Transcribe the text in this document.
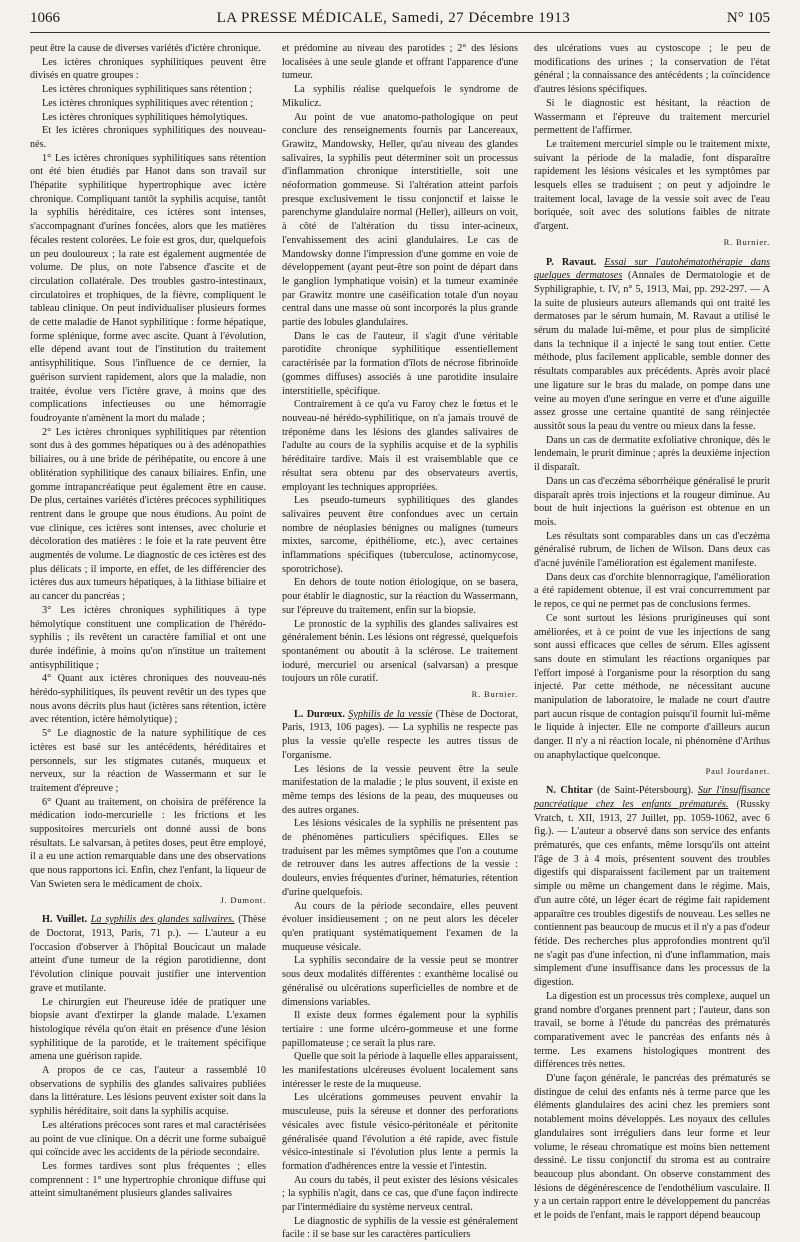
1066	LA PRESSE MÉDICALE, Samedi, 27 Décembre 1913	N° 105

peut être la cause de diverses variétés d'ictère chronique.

Les ictères chroniques syphilitiques peuvent être divisés en quatre groupes :

Les ictères chroniques syphilitiques sans rétention ;

Les ictères chroniques syphilitiques avec rétention ;

Les ictères chroniques syphilitiques hémolytiques.

Et les ictères chroniques syphilitiques des nouveau-nés.

1° Les ictères chroniques syphilitiques sans rétention ont été bien étudiés par Hanot dans son travail sur l'hépatite syphilitique hypertrophique avec ictère chronique. Compliquant tantôt la syphilis acquise, tantôt la syphilis héréditaire, ces ictères sont intenses, s'accompagnant d'urines foncées, alors que les matières fécales restent colorées. Le foie est gros, dur, quelquefois un peu douloureux ; la rate est également augmentée de volume. De plus, on note l'absence d'ascite et de circulation collatérale. Des troubles gastro-intestinaux, circulatoires et trophiques, de la fièvre, compliquent le tableau clinique. On peut individualiser plusieurs formes de cette maladie de Hanot syphilitique : forme hépatique, forme splénique, forme avec ascite. Quant à l'évolution, elle dépend avant tout de l'institution du traitement antisyphilitique. Sous l'influence de ce dernier, la guérison survient rapidement, alors que la maladie, non traitée, évolue vers l'ictère grave, à moins que des complications infectieuses ou une hémorragie foudroyante n'amènent la mort du malade ;

2° Les ictères chroniques syphilitiques par rétention sont dus à des gommes hépatiques ou à des adénopathies biliaires, ou à une bride de périhépatite, ou encore à une oblitération syphilitique des canaux biliaires. Enfin, une gomme intrapancréatique peut également être en cause. De plus, certaines variétés d'ictères précoces syphilitiques rentrent dans le groupe que nous étudions. Au point de vue clinique, ces ictères sont intenses, avec cholurie et décoloration des matières : le foie et la rate peuvent être augmentés de volume. Le diagnostic de ces ictères est des plus délicats ; il importe, en effet, de les différencier des ictères dus aux tumeurs hépatiques, à la lithiase biliaire et au cancer du pancréas ;

3° Les ictères chroniques syphilitiques à type hémolytique constituent une complication de l'hérédo-syphilis ; ils revêtent un caractère familial et ont une durée indéfinie, à moins qu'on n'institue un traitement antisyphilitique ;

4° Quant aux ictères chroniques des nouveau-nés hérédo-syphilitiques, ils peuvent revêtir un des types que nous avons décrits plus haut (ictères sans rétention, ictère avec rétention, ictère hémolytique) ;

5° Le diagnostic de la nature syphilitique de ces ictères est basé sur les antécédents, héréditaires et personnels, sur les stigmates cutanés, muqueux et nerveux, sur la réaction de Wassermann et sur le traitement d'épreuve ;

6° Quant au traitement, on choisira de préférence la médication iodo-mercurielle : les frictions et les suppositoires mercuriels ont donné aussi de bons résultats. Le salvarsan, à petites doses, peut être employé, il a eu une action remarquable dans une des observations que nous rapportons ici. Enfin, chez l'enfant, la liqueur de Van Swieten sera le médicament de choix.

J. Dumont.

H. Vuillet. La syphilis des glandes salivaires. (Thèse de Doctorat, 1913, Paris, 71 p.). — L'auteur a eu l'occasion d'observer à l'hôpital Boucicaut un malade atteint d'une tumeur de la région parotidienne, dont l'évolution clinique pouvait justifier une intervention grave et mutilante.

Le chirurgien eut l'heureuse idée de pratiquer une biopsie avant d'extirper la glande malade. L'examen histologique révéla qu'on était en présence d'une lésion syphilitique de la parotide, et le traitement spécifique amena une guérison rapide.

A propos de ce cas, l'auteur a rassemblé 10 observations de syphilis des glandes salivaires publiées dans la littérature. Les lésions peuvent exister soit dans la syphilis héréditaire, soit dans la syphilis acquise.

Les altérations précoces sont rares et mal caractérisées au point de vue clinique. On a décrit une forme subaiguë qui coïncide avec les accidents de la période secondaire.

Les formes tardives sont plus fréquentes ; elles comprennent : 1° une hypertrophie chronique diffuse qui atteint simultanément plusieurs glandes salivaires

et prédomine au niveau des parotides ; 2° des lésions localisées à une seule glande et offrant l'apparence d'une tumeur.

La syphilis réalise quelquefois le syndrome de Mikulicz.

Au point de vue anatomo-pathologique on peut conclure des renseignements fournis par Lancereaux, Grawitz, Mandowsky, Heller, qu'au niveau des glandes salivaires, la syphilis peut déterminer soit un processus d'inflammation chronique interstitielle, soit une néoformation gommeuse. Si l'altération atteint parfois presque exclusivement le tissu conjonctif et laisse le parenchyme glandulaire normal (Heller), ailleurs on voit, à côté de l'altération du tissu inter-acineux, l'envahissement des acini glandulaires. Le cas de Mandowsky donne l'impression d'une gomme en voie de développement (ayant peut-être son point de départ dans le ganglion lymphatique voisin) et la tumeur examinée par Grawitz montre une caséification totale d'un noyau central dans une masse où sont incorporés la plus grande partie des lobules glandulaires.

Dans le cas de l'auteur, il s'agit d'une véritable parotidite chronique syphilitique essentiellement caractérisée par la formation d'îlots de nécrose fibrinoïde (gommes diffuses) associés à une parotidite insulaire interstitielle, spécifique.

Contrairement à ce qu'a vu Faroy chez le fœtus et le nouveau-né hérédo-syphilitique, on n'a jamais trouvé de tréponème dans les lésions des glandes salivaires de l'adulte au cours de la syphilis acquise et de la syphilis héréditaire tardive. Mais il est vraisemblable que ce résultat sera obtenu par des observateurs avertis, employant les techniques appropriées.

Les pseudo-tumeurs syphilitiques des glandes salivaires peuvent être confondues avec un certain nombre de néoplasies bénignes ou malignes (tumeurs mixtes, sarcome, épithéliome, etc.), avec certaines inflammations spécifiques (tuberculose, actinomycose, sporotrichose).

En dehors de toute notion étiologique, on se basera, pour établir le diagnostic, sur la réaction du Wassermann, sur l'épreuve du traitement, enfin sur la biopsie.

Le pronostic de la syphilis des glandes salivaires est généralement bénin. Les lésions ont régressé, quelquefois spontanément ou aboutit à la sclérose. Le traitement ioduré, mercuriel ou arsenical (salvarsan) a presque toujours un rôle curatif.

R. Burnier.

L. Durœux. Syphilis de la vessie (Thèse de Doctorat, Paris, 1913, 106 pages). — La syphilis ne respecte pas plus la vessie qu'elle respecte les autres tissus de l'organisme.

Les lésions de la vessie peuvent être la seule manifestation de la maladie ; le plus souvent, il existe en même temps des lésions de la peau, des muqueuses ou des autres organes.

Les lésions vésicales de la syphilis ne présentent pas de phénomènes particuliers spécifiques. Elles se traduisent par les mêmes symptômes que l'on a coutume de retrouver dans les autres affections de la vessie : douleurs, envies fréquentes d'uriner, hématuries, rétention d'urine quelquefois.

Au cours de la période secondaire, elles peuvent évoluer insidieusement ; on ne peut alors les déceler qu'en pratiquant systématiquement l'examen de la muqueuse vésicale.

La syphilis secondaire de la vessie peut se montrer sous deux modalités différentes : exanthème localisé ou généralisé ou ulcérations superficielles de nombre et de dimensions variables.

Il existe deux formes également pour la syphilis tertiaire : une forme ulcéro-gommeuse et une forme papillomateuse ; ce serait la plus rare.

Quelle que soit la période à laquelle elles apparaissent, les manifestations ulcéreuses évoluent localement sans intéresser le reste de la muqueuse.

Les ulcérations gommeuses peuvent envahir la musculeuse, puis la séreuse et donner des perforations vésicales avec fistule vésico-péritonéale et péritonite généralisée quand l'évolution a été rapide, avec fistule vésico-intestinale si l'évolution plus lente a permis la formation d'adhérences entre la vessie et l'intestin.

Au cours du tabès, il peut exister des lésions vésicales ; la syphilis n'agit, dans ce cas, que d'une façon indirecte par l'intermédiaire du système nerveux central.

Le diagnostic de syphilis de la vessie est généralement facile : il se base sur les caractères particuliers

des ulcérations vues au cystoscope ; le peu de modifications des urines ; la conservation de l'état général ; la connaissance des antécédents ; la coïncidence d'autres lésions spécifiques.

Si le diagnostic est hésitant, la réaction de Wassermann et l'épreuve du traitement mercuriel permettent de l'affirmer.

Le traitement mercuriel simple ou le traitement mixte, suivant la période de la maladie, font disparaître rapidement les lésions vésicales et les symptômes par lesquels elles se traduisent ; on peut y adjoindre le traitement local, lavage de la vessie soit avec de l'eau boriquée, soit avec des solutions faibles de nitrate d'argent.

R. Burnier.

P. Ravaut. Essai sur l'autohématothérapie dans quelques dermatoses (Annales de Dermatologie et de Syphiligraphie, t. IV, n° 5, 1913, Mai, pp. 292-297. — A la suite de plusieurs auteurs allemands qui ont traité les dermatoses par le sérum humain, M. Ravaut a utilisé le sérum du malade lui-même, et pour plus de simplicité dans la technique il a injecté le sang tout entier. Cette méthode, plus facilement applicable, semble donner des résultats comparables aux précédents. Après avoir placé une ligature sur le bras du malade, on pompe dans une veine au moyen d'une seringue en verre et d'une aiguille assez grosse une certaine quantité de sang réinjectée aussitôt sous la peau du ventre ou mieux dans la fesse.

Dans un cas de dermatite exfoliative chronique, dès le lendemain, le prurit diminue ; après la deuxième injection il disparaît.

Dans un cas d'eczéma séborrhéique généralisé le prurit disparaît après trois injections et la rougeur diminue. Au bout de huit injections la guérison est obtenue en un mois.

Les résultats sont comparables dans un cas d'eczéma généralisé rubrum, de lichen de Wilson. Dans deux cas d'acné juvénile l'amélioration est également manifeste.

Dans deux cas d'orchite blennorragique, l'amélioration a été rapidement obtenue, il est vrai concurremment par le repos, ce qui ne permet pas de conclusions fermes.

Ce sont surtout les lésions prurigineuses qui sont améliorées, et à ce point de vue les injections de sang sont aussi efficaces que celles de sérum. Elles agissent sans doute en stimulant les réactions organiques par l'effort imposé à l'organisme pour la résorption du sang injecté. Par cette méthode, ne nécessitant aucune manipulation de laboratoire, le malade ne court d'autre part aucun risque de contagion puisqu'il fournit lui-même le liquide à injecter. Elle ne comporte d'ailleurs aucun danger. Il n'y a ni réaction locale, ni phénomène d'Arthus ou anaphylactique quelconque.

Paul Jourdanet.

N. Chtitar (de Saint-Pétersbourg). Sur l'insuffisance pancréatique chez les enfants prématurés. (Russky Vratch, t. XII, 1913, 27 Juillet, pp. 1059-1062, avec 6 fig.). — L'auteur a observé dans son service des enfants prématurés, que ces enfants, même lorsqu'ils ont atteint l'âge de 3 à 4 mois, présentent souvent des troubles digestifs qui disparaissent facilement par un traitement simple ou même un changement dans le régime. Mais, d'un autre côté, un léger écart de régime fait rapidement apparaître ces troubles digestifs de nouveau. Les selles ne contiennent pas beaucoup de mucus et il n'y a pas d'odeur fétide. Des recherches plus approfondies montrent qu'il ne s'agit pas d'une infection, ni d'une inflammation, mais simplement d'une insuffisance dans les processus de la digestion.

La digestion est un processus très complexe, auquel un grand nombre d'organes prennent part ; l'auteur, dans son travail, se borne à l'étude du pancréas des prématurés comparativement avec le pancréas des enfants nés à terme. Les examens histologiques montrent des différences très nettes.

D'une façon générale, le pancréas des prématurés se distingue de celui des enfants nés à terme parce que les éléments glandulaires des acini chez les premiers sont notablement moins développés. Les noyaux des cellules glandulaires sont irréguliers dans leur forme et leur volume, le réseau chromatique est moins bien nettement dessiné. Le tissu conjonctif du stroma est au contraire beaucoup plus abondant. On observe constamment des lésions de dégénérescence de l'endothélium vasculaire. Il y a un certain rapport entre le développement du pancréas et le poids de l'enfant, mais le rapport dépend beaucoup
